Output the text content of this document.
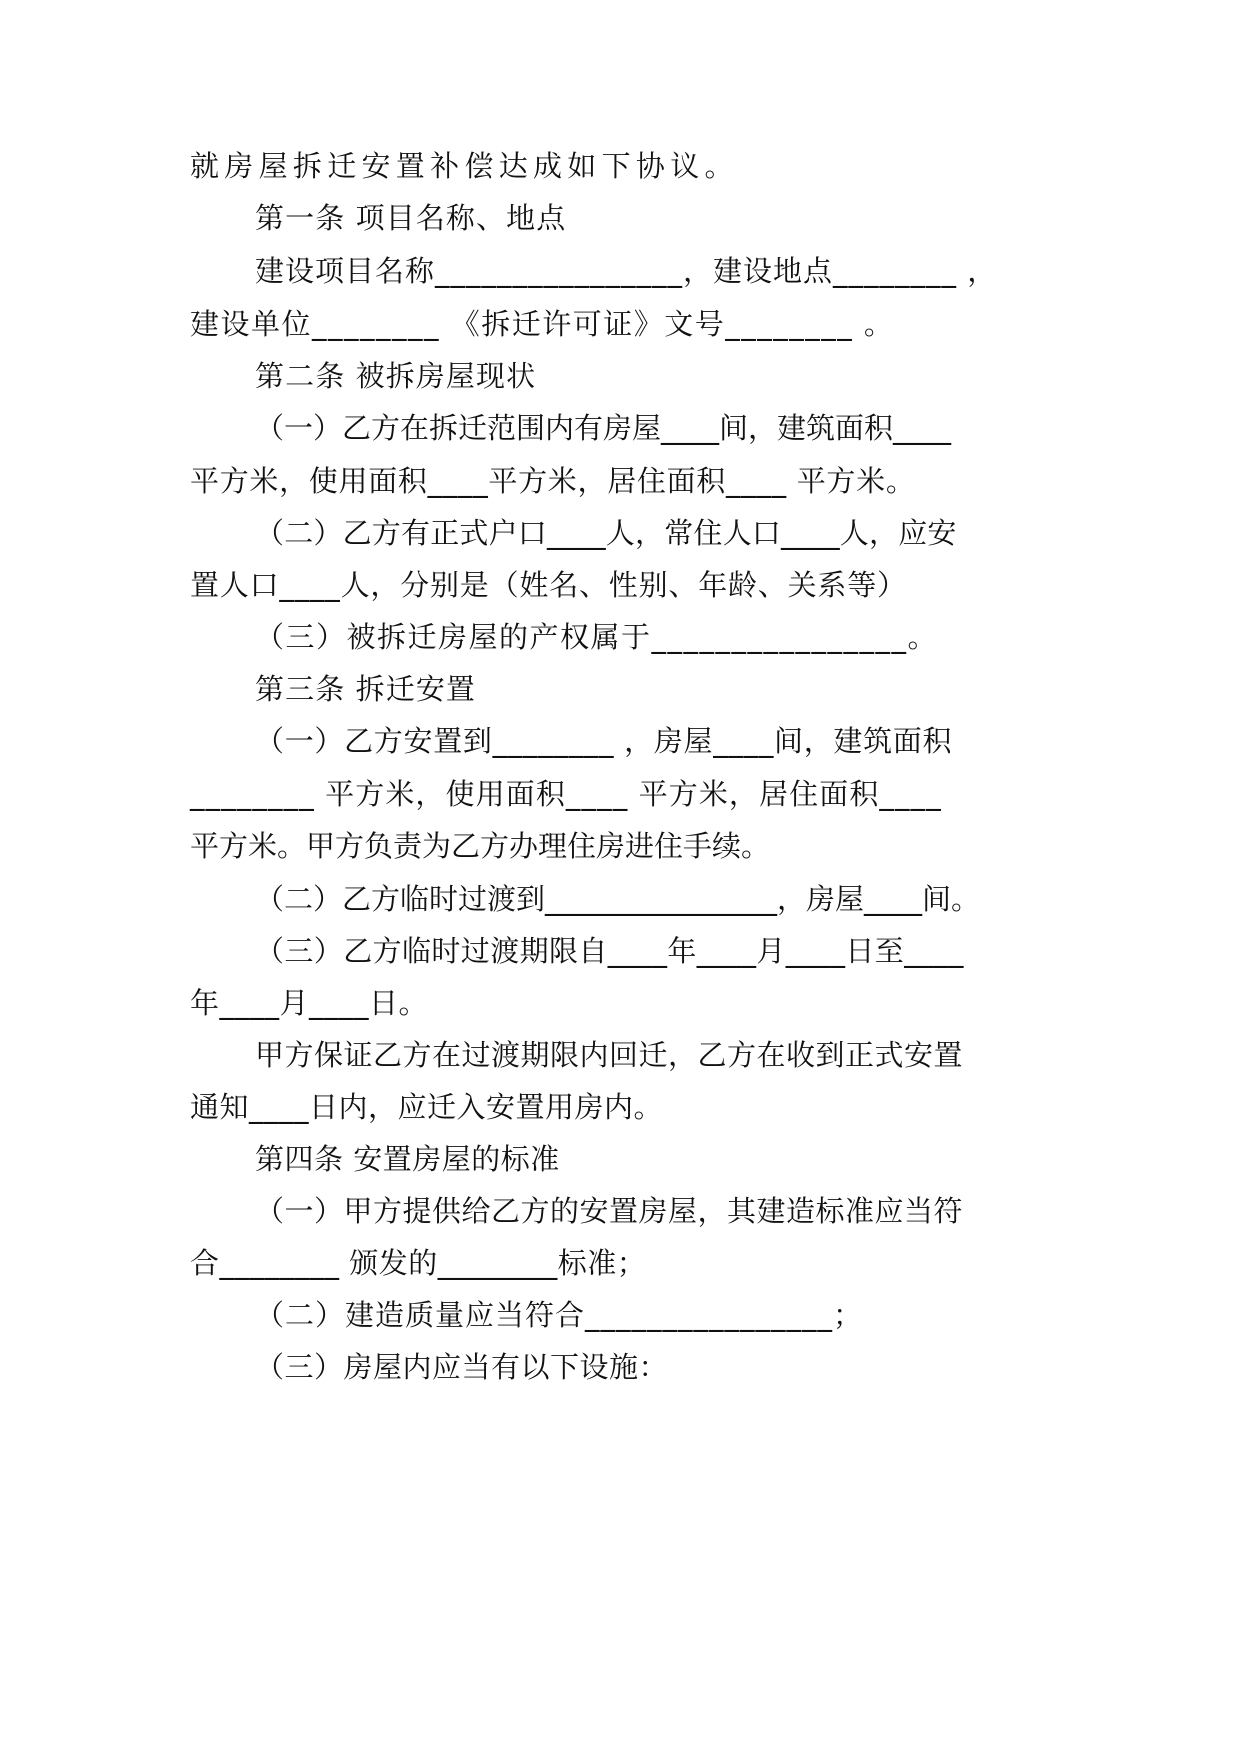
就房屋拆迁安置补偿达成如下协议。
第一条 项目名称、地点
建设项目名称________________，建设地点________ ，
建设单位________ 《拆迁许可证》文号________ 。
第二条 被拆房屋现状
（一）乙方在拆迁范围内有房屋____间，建筑面积____
平方米，使用面积____平方米，居住面积____ 平方米。
（二）乙方有正式户口____人，常住人口____人，应安
置人口____人，分别是（姓名、性别、年龄、关系等）
（三）被拆迁房屋的产权属于________________。
第三条 拆迁安置
（一）乙方安置到________ ，房屋____间，建筑面积
________ 平方米，使用面积____ 平方米，居住面积____
平方米。甲方负责为乙方办理住房进住手续。
（二）乙方临时过渡到________________，房屋____间。
（三）乙方临时过渡期限自____年____月____日至____
年____月____日。
甲方保证乙方在过渡期限内回迁，乙方在收到正式安置
通知____日内，应迁入安置用房内。
第四条 安置房屋的标准
（一）甲方提供给乙方的安置房屋，其建造标准应当符
合________ 颁发的________标准；
（二）建造质量应当符合________________；
（三）房屋内应当有以下设施：
